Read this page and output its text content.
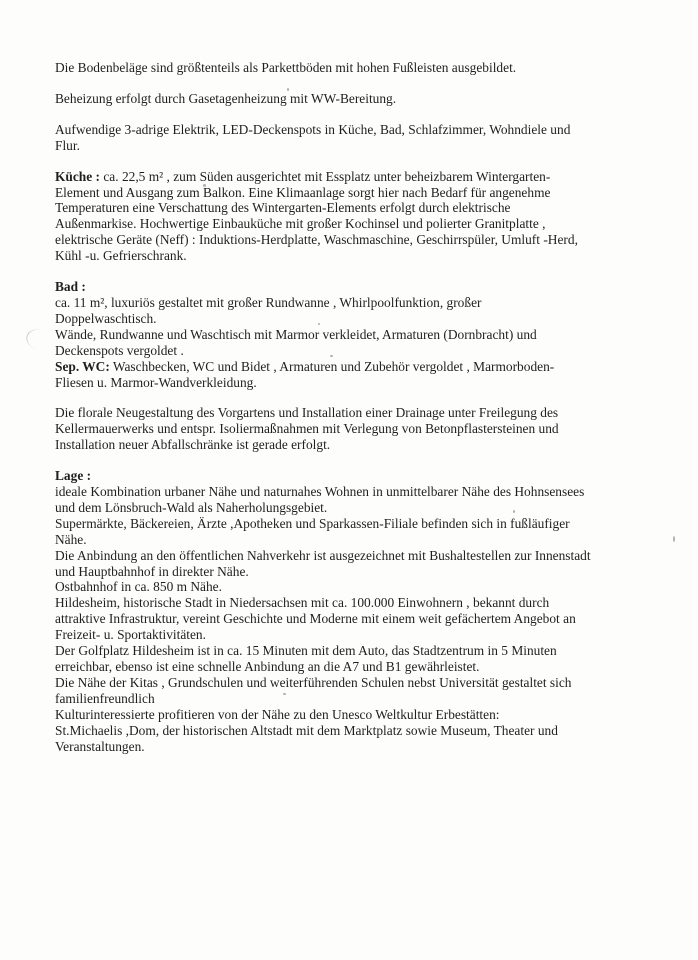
Die Bodenbeläge sind größtenteils als Parkettböden mit hohen Fußleisten ausgebildet.

Beheizung erfolgt durch Gasetagenheizung mit WW-Bereitung.

Aufwendige 3-adrige Elektrik, LED-Deckenspots in Küche, Bad, Schlafzimmer, Wohndiele und
Flur.

Küche : ca. 22,5 m² , zum Süden ausgerichtet mit Essplatz unter beheizbarem Wintergarten-
Element und Ausgang zum Balkon. Eine Klimaanlage sorgt hier nach Bedarf für angenehme
Temperaturen eine Verschattung des Wintergarten-Elements erfolgt durch elektrische
Außenmarkise. Hochwertige Einbauküche mit großer Kochinsel und polierter Granitplatte ,
elektrische Geräte (Neff) : Induktions-Herdplatte, Waschmaschine, Geschirrspüler, Umluft -Herd,
Kühl -u. Gefrierschrank.

Bad :
ca. 11 m², luxuriös gestaltet mit großer Rundwanne , Whirlpoolfunktion, großer
Doppelwaschtisch.
Wände, Rundwanne und Waschtisch mit Marmor verkleidet, Armaturen (Dornbracht) und
Deckenspots vergoldet .
Sep. WC: Waschbecken, WC und Bidet , Armaturen und Zubehör vergoldet , Marmorboden-
Fliesen u. Marmor-Wandverkleidung.

Die florale Neugestaltung des Vorgartens und Installation einer Drainage unter Freilegung des
Kellermauerwerks und entspr. Isoliermaßnahmen mit Verlegung von Betonpflastersteinen und
Installation neuer Abfallschränke ist gerade erfolgt.

Lage :
ideale Kombination urbaner Nähe und naturnahes Wohnen in unmittelbarer Nähe des Hohnsensees
und dem Lönsbruch-Wald als Naherholungsgebiet.
Supermärkte, Bäckereien, Ärzte ,Apotheken und Sparkassen-Filiale befinden sich in fußläufiger
Nähe.
Die Anbindung an den öffentlichen Nahverkehr ist ausgezeichnet mit Bushaltestellen zur Innenstadt
und Hauptbahnhof in direkter Nähe.
Ostbahnhof in ca. 850 m Nähe.
Hildesheim, historische Stadt in Niedersachsen mit ca. 100.000 Einwohnern , bekannt durch
attraktive Infrastruktur, vereint Geschichte und Moderne mit einem weit gefächertem Angebot an
Freizeit- u. Sportaktivitäten.
Der Golfplatz Hildesheim ist in ca. 15 Minuten mit dem Auto, das Stadtzentrum in 5 Minuten
erreichbar, ebenso ist eine schnelle Anbindung an die A7 und B1 gewährleistet.
Die Nähe der Kitas , Grundschulen und weiterführenden Schulen nebst Universität gestaltet sich
familienfreundlich
Kulturinteressierte profitieren von der Nähe zu den Unesco Weltkultur Erbestätten:
St.Michaelis ,Dom, der historischen Altstadt mit dem Marktplatz sowie Museum, Theater und
Veranstaltungen.
